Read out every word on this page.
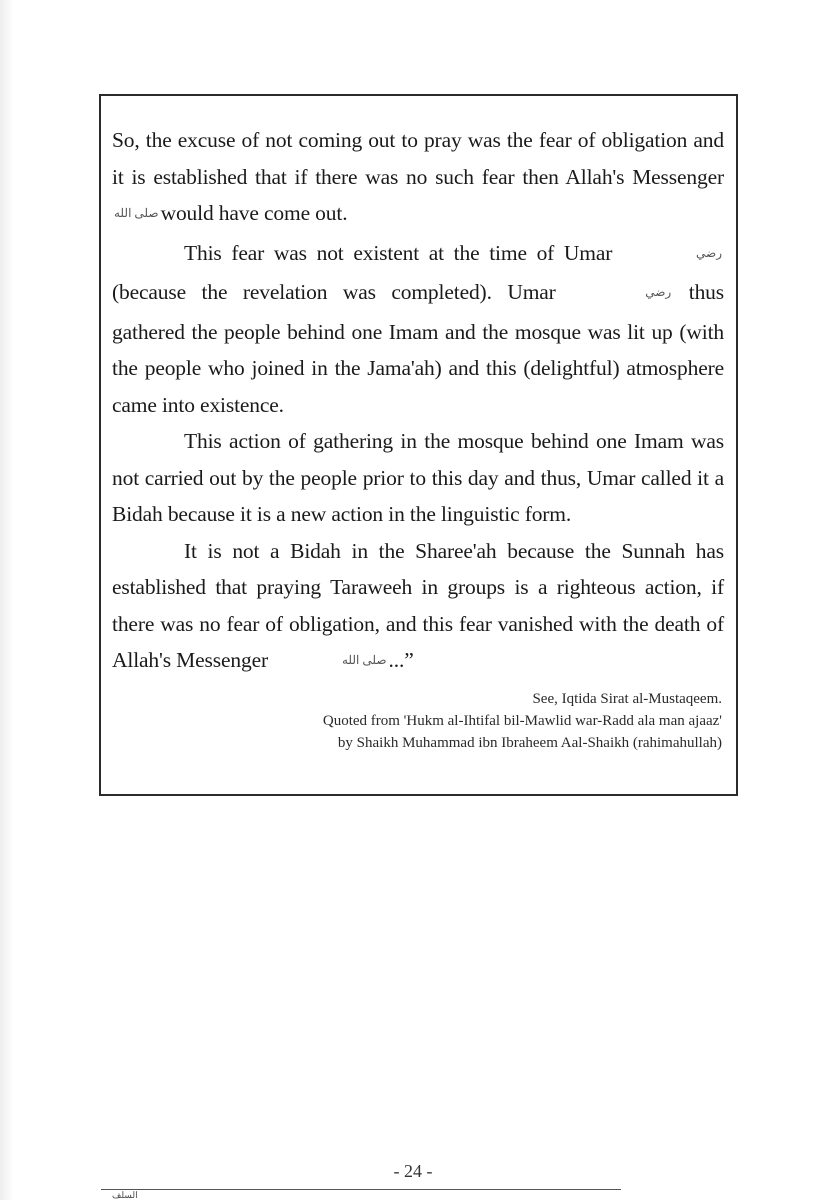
So, the excuse of not coming out to pray was the fear of obligation and it is established that if there was no such fear then Allah's Messengerصلى اللهwould have come out.

This fear was not existent at the time of Umar	رضي (because the revelation was completed). Umar	رضي thus gathered the people behind one Imam and the mosque was lit up (with the people who joined in the Jama'ah) and this (delightful) atmosphere came into existence.

This action of gathering in the mosque behind one Imam was not carried out by the people prior to this day and thus, Umar called it a Bidah because it is a new action in the linguistic form.

It is not a Bidah in the Sharee'ah because the Sunnah has established that praying Taraweeh in groups is a righteous action, if there was no fear of obligation, and this fear vanished with the death of Allah's Messenger	صلى الله...”

See, Iqtida Sirat al-Mustaqeem.
Quoted from 'Hukm al-Ihtifal bil-Mawlid war-Radd ala man ajaaz'
by Shaikh Muhammad ibn Ibraheem Aal-Shaikh (rahimahullah)
- 24 -
السلف
